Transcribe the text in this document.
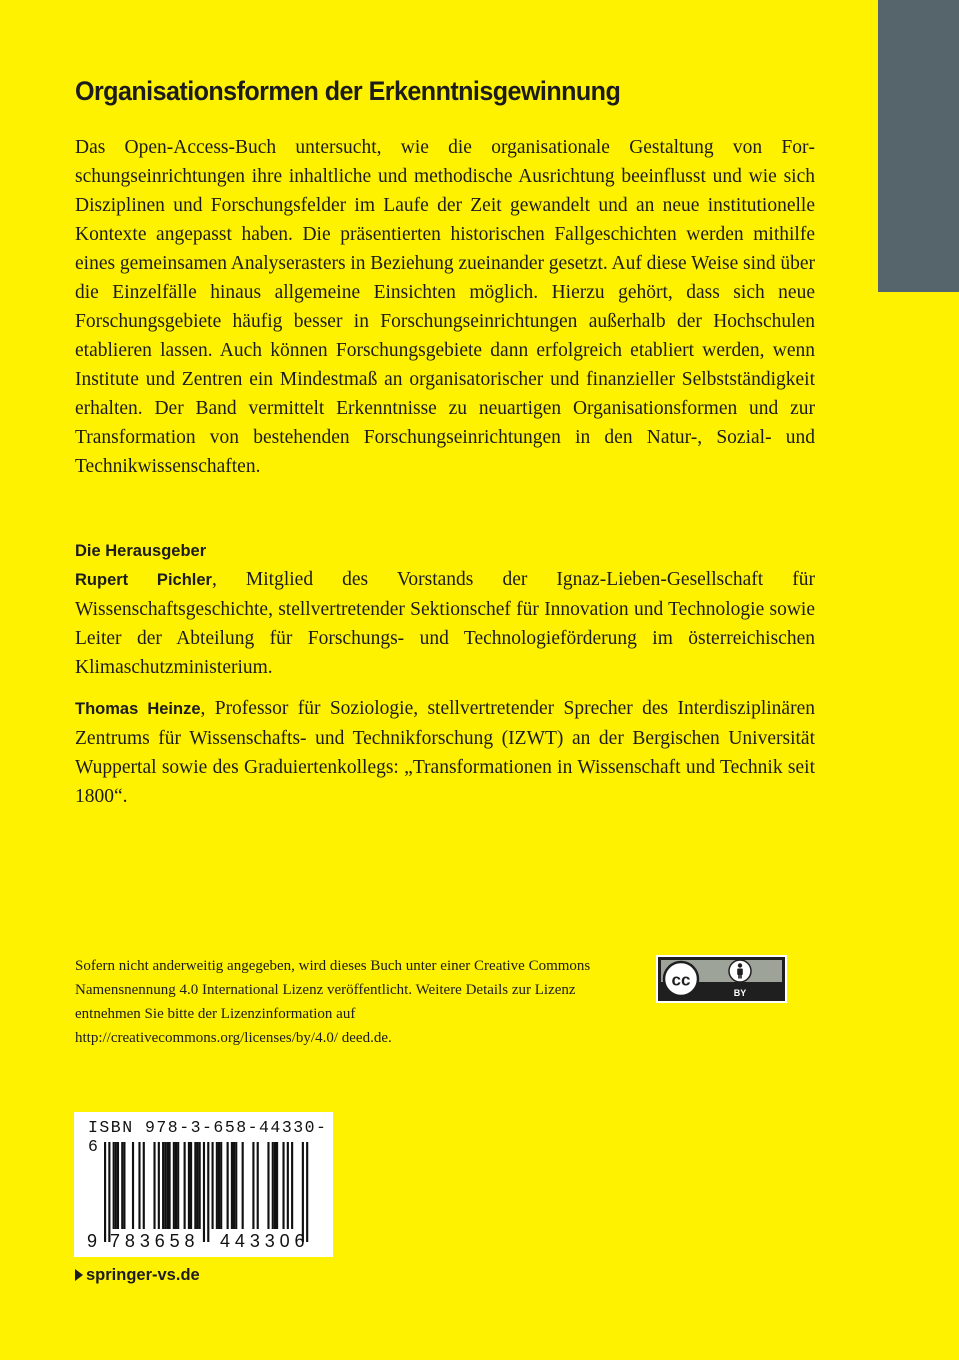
Organisationsformen der Erkenntnisgewinnung

Das Open-Access-Buch untersucht, wie die organisationale Gestaltung von Forschungseinrichtungen ihre inhaltliche und methodische Ausrichtung beeinflusst und wie sich Disziplinen und Forschungsfelder im Laufe der Zeit gewandelt und an neue institutionelle Kontexte angepasst haben. Die präsentierten historischen Fallgeschichten werden mithilfe eines gemeinsamen Analyserasters in Beziehung zueinander gesetzt. Auf diese Weise sind über die Einzelfälle hinaus allgemeine Einsichten möglich. Hierzu gehört, dass sich neue Forschungsgebiete häufig besser in Forschungseinrichtungen außerhalb der Hochschulen etablieren lassen. Auch können Forschungsgebiete dann erfolgreich etabliert werden, wenn Institute und Zentren ein Mindestmaß an organisatorischer und finanzieller Selbstständigkeit erhalten. Der Band vermittelt Erkenntnisse zu neuartigen Organisationsformen und zur Transformation von bestehenden Forschungseinrichtungen in den Natur-, Sozial- und Technikwissenschaften.

Die Herausgeber

Rupert Pichler, Mitglied des Vorstands der Ignaz-Lieben-Gesellschaft für Wissenschaftsgeschichte, stellvertretender Sektionschef für Innovation und Technologie sowie Leiter der Abteilung für Forschungs- und Technologieförderung im österreichischen Klimaschutzministerium.

Thomas Heinze, Professor für Soziologie, stellvertretender Sprecher des Interdisziplinären Zentrums für Wissenschafts- und Technikforschung (IZWT) an der Bergischen Universität Wuppertal sowie des Graduiertenkollegs: „Transformationen in Wissenschaft und Technik seit 1800“.

Sofern nicht anderweitig angegeben, wird dieses Buch unter einer Creative Commons Namensnennung 4.0 International Lizenz veröffentlicht. Weitere Details zur Lizenz entnehmen Sie bitte der Lizenzinformation auf http://creativecommons.org/licenses/by/4.0/ deed.de.

cc
BY
ISBN 978-3-658-44330-6
9 783658 443306
springer-vs.de
